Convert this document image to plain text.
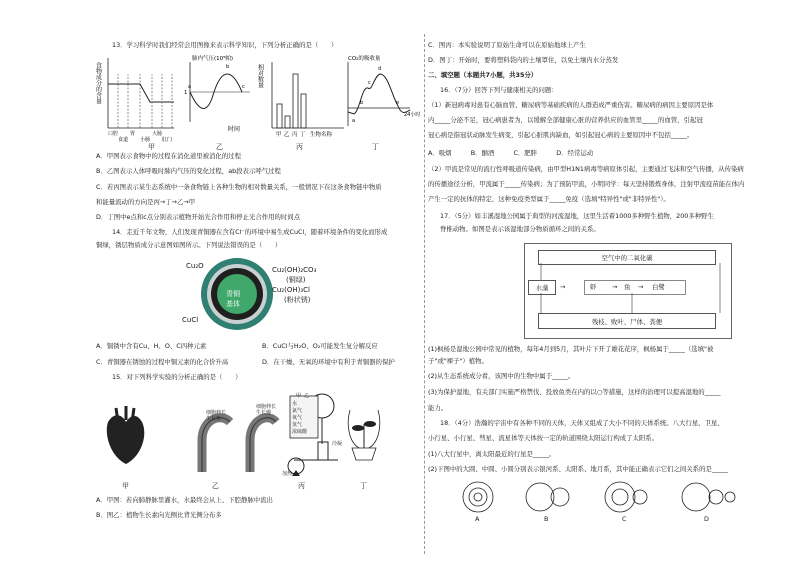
13．学习科学时我们经常会用图像来表示科学知识，下列分析正确的是（　　）
食物成分的含量
口腔
食道
胃
小肠
大肠
肛门
甲
肺内气压(10⁵帕)
1
a
b
c
时间
乙
相对数量
甲 乙 丙 丁 生物名称
丙
CO₂的吸收量
a
b
c
d
e
24小时
丁
A．甲图表示食物中的过程在消化道里被消化的过程
B．乙图表示人体呼吸时肺内气压的变化过程，ab段表示呼气过程
C．若丙图表示某生态系统中一条食物链上各种生物的相对数量关系，一般情况下在这条食物链中物质
和能量流动的方向是丙→丁→乙→甲
D．丁图中e点和c点分别表示植物开始光合作用和停止光合作用的时间点
14．走近千年文物，人们发现青铜器在含有Cl⁻的环境中易生成CuCl，随着环境条件的变化而形成
铜绿，锈层物质成分示意图如图所示。下列说法错误的是（　　）
青铜
基体
Cu₂O
CuCl
Cu₂(OH)₂CO₃
(铜绿)
Cu₂(OH)₃Cl
(粉状锈)
A．铜锈中含有Cu、H、O、C四种元素	B．CuCl与H₂O、O₂可能发生复分解反应
C．青铜器在锈蚀的过程中铜元素的化合价升高	D．在干燥、无氧的环境中有利于青铜器的保护
15．对下列科学实验的分析正确的是（　　）
细胞伸长生长快
细胞伸长生长慢
甲 乙
水
氯气
氧气
氢气
浓硫酸
冷凝
加热
甲	乙	丙	丁
A．甲图：若向肺静脉里灌水，水最终会从上、下腔静脉中流出
B．图乙：植物生长素向光侧比背光侧分布多
C．图丙：本实验说明了原始生命可以在原始地球上产生
D．图丁：开始时，要将塑料袋内的土壤罩住，以免土壤内水分蒸发
二、填空题（本题共7小题，共35分）
16．（7分）回答下列与健康相关的问题：
（1）新冠病毒对患有心脑血管、糖尿病等基础疾病的人群造成严重伤害。糖尿病的病因主要原因是体
内_____分泌不足，冠心病患者为，以缓解全部健康心脏的营养供应的血管里_____的血管，引起冠
冠心病是指冠状动脉发生病变，引起心脏肌肉缺血，如引起冠心病的主要原因中不包括_____。
A．吸烟　　　B．酗酒　　　C．肥胖　　　D．经常运动
（2）甲流是常见的流行性呼吸道传染病，由甲型H1N1病毒等病原体引起，主要通过飞沫和空气传播，从传染病
的传播途径分析，甲流属于_____传染病；为了预防甲流，小明同学：每天坚持锻炼身体，注射甲流疫苗能在体内
产生一定的抗体的特定，这种免疫类型属于_____免疫（选填"特异性"或"非特异性"）。
17．（5分）如丰溪湿地公园属于典型的河流湿地，这里生活着1000多种野生植物，200多种野生
脊椎动物。如图是表示该湿地部分物质循环之间的关系。
空气中的二氧化碳
水藻	虾 → 鱼 → 白鹭
→
残枝、败叶、尸体、粪便
(1)枫杨是湿地公园中常见的植物，每年4月到5月，其叶片下开了雄花花序，枫杨属于_____（选填"被
子"或"裸子"）植物。
(2)从生态系统成分看，该图中的生物中属于_____。
(3)为保护湿地，有关部门实施严格禁伐、投放鱼类在内的以○等措施，这样的治理可以提高湿地的_____
能力。
18．（4分）浩瀚的宇宙中有各种不同的天体，天体又组成了大小不同的天体系统。八大行星、卫星、
小行星、小行星、彗星、流星体等天体按一定的轨道围绕太阳运行构成了太阳系。
(1)八大行星中，离太阳最近的行星是_____。
(2)下图中的大圆、中圆、小圆分别表示银河系、太阳系、地月系，其中能正确表示它们之间关系的是_____
A	B	C	D
